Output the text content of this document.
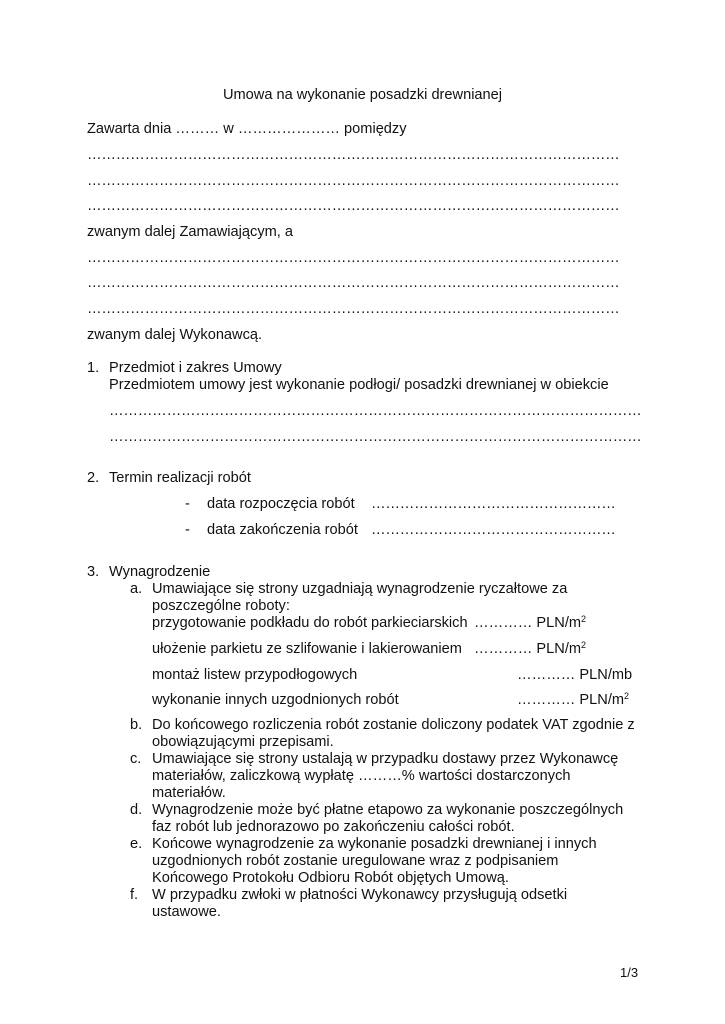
Umowa na wykonanie posadzki drewnianej
Zawarta dnia ……… w ………………… pomiędzy
…………………………………………………………………………………………………
…………………………………………………………………………………………………
…………………………………………………………………………………………………
zwanym dalej Zamawiającym, a
…………………………………………………………………………………………………
…………………………………………………………………………………………………
…………………………………………………………………………………………………
zwanym dalej Wykonawcą.
1. Przedmiot i zakres Umowy
Przedmiotem umowy jest wykonanie podłogi/ posadzki drewnianej w obiekcie
…………………………………………………………………………………………………
…………………………………………………………………………………………………
2. Termin realizacji robót
- data rozpoczęcia robót ……………………………………………
- data zakończenia robót ……………………………………………
3. Wynagrodzenie
a. Umawiające się strony uzgadniają wynagrodzenie ryczałtowe za
poszczególne roboty:
przygotowanie podkładu do robót parkieciarskich ………… PLN/$m^2$
ułożenie parkietu ze szlifowanie i lakierowaniem ………… PLN/$m^2$
montaż listew przypodłogowych	………… PLN/mb
wykonanie innych uzgodnionych robót	………… PLN/$m^2$
b. Do końcowego rozliczenia robót zostanie doliczony podatek VAT zgodnie z
obowiązującymi przepisami.
c. Umawiające się strony ustalają w przypadku dostawy przez Wykonawcę
materiałów, zaliczkową wypłatę ………% wartości dostarczonych
materiałów.
d. Wynagrodzenie może być płatne etapowo za wykonanie poszczególnych
faz robót lub jednorazowo po zakończeniu całości robót.
e. Końcowe wynagrodzenie za wykonanie posadzki drewnianej i innych
uzgodnionych robót zostanie uregulowane wraz z podpisaniem
Końcowego Protokołu Odbioru Robót objętych Umową.
f. W przypadku zwłoki w płatności Wykonawcy przysługują odsetki
ustawowe.
1/3
